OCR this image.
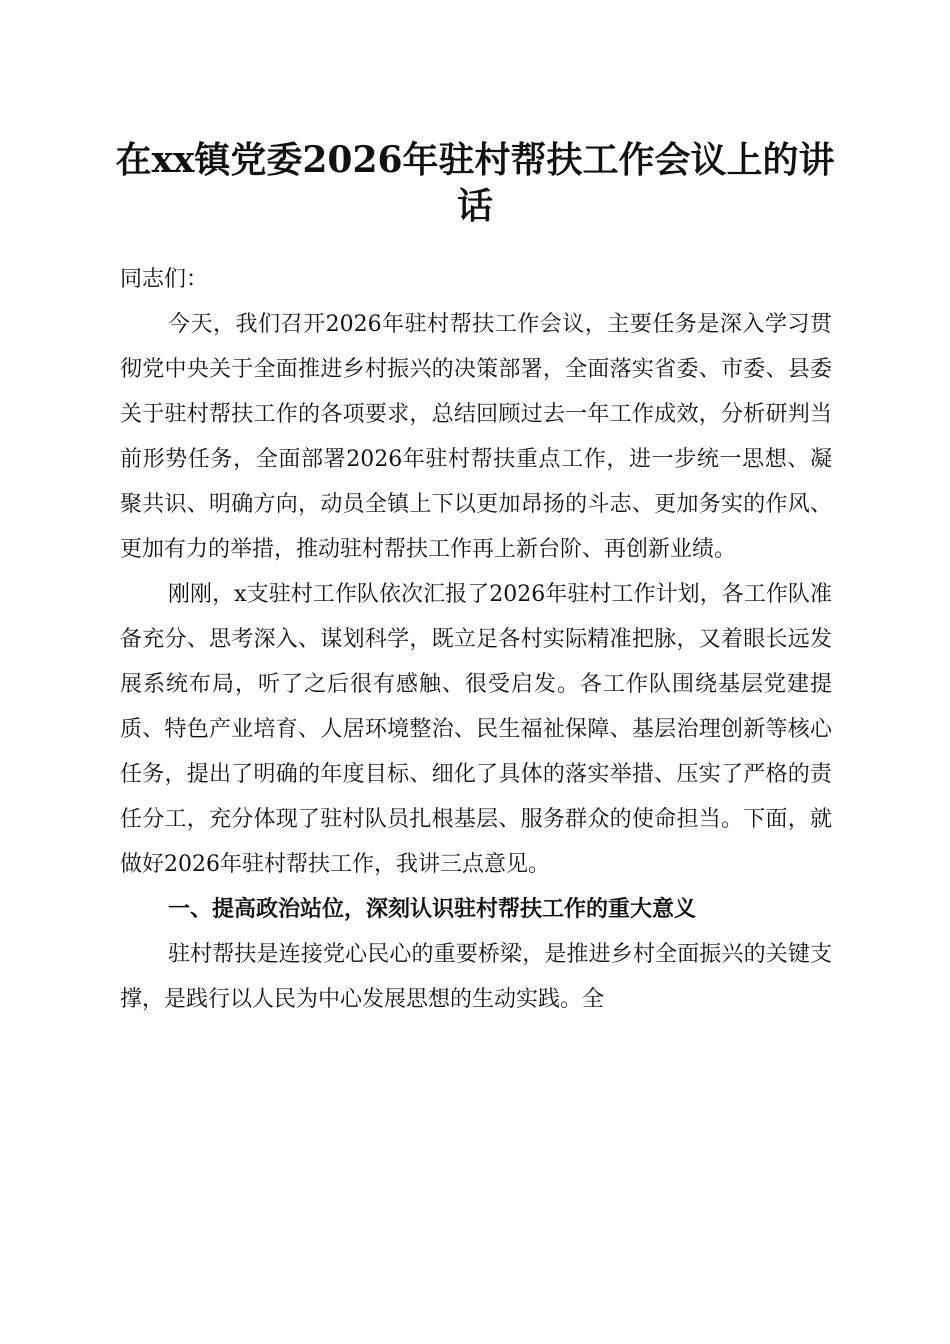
在xx镇党委2026年驻村帮扶工作会议上的讲
话

同志们：

今天，我们召开2026年驻村帮扶工作会议，主要任务是深入学习贯彻党中央关于全面推进乡村振兴的决策部署，全面落实省委、市委、县委关于驻村帮扶工作的各项要求，总结回顾过去一年工作成效，分析研判当前形势任务，全面部署2026年驻村帮扶重点工作，进一步统一思想、凝聚共识、明确方向，动员全镇上下以更加昂扬的斗志、更加务实的作风、更加有力的举措，推动驻村帮扶工作再上新台阶、再创新业绩。

刚刚，x支驻村工作队依次汇报了2026年驻村工作计划，各工作队准备充分、思考深入、谋划科学，既立足各村实际精准把脉，又着眼长远发展系统布局，听了之后很有感触、很受启发。各工作队围绕基层党建提质、特色产业培育、人居环境整治、民生福祉保障、基层治理创新等核心任务，提出了明确的年度目标、细化了具体的落实举措、压实了严格的责任分工，充分体现了驻村队员扎根基层、服务群众的使命担当。下面，就做好2026年驻村帮扶工作，我讲三点意见。

一、提高政治站位，深刻认识驻村帮扶工作的重大意义

驻村帮扶是连接党心民心的重要桥梁，是推进乡村全面振兴的关键支撑，是践行以人民为中心发展思想的生动实践。全
